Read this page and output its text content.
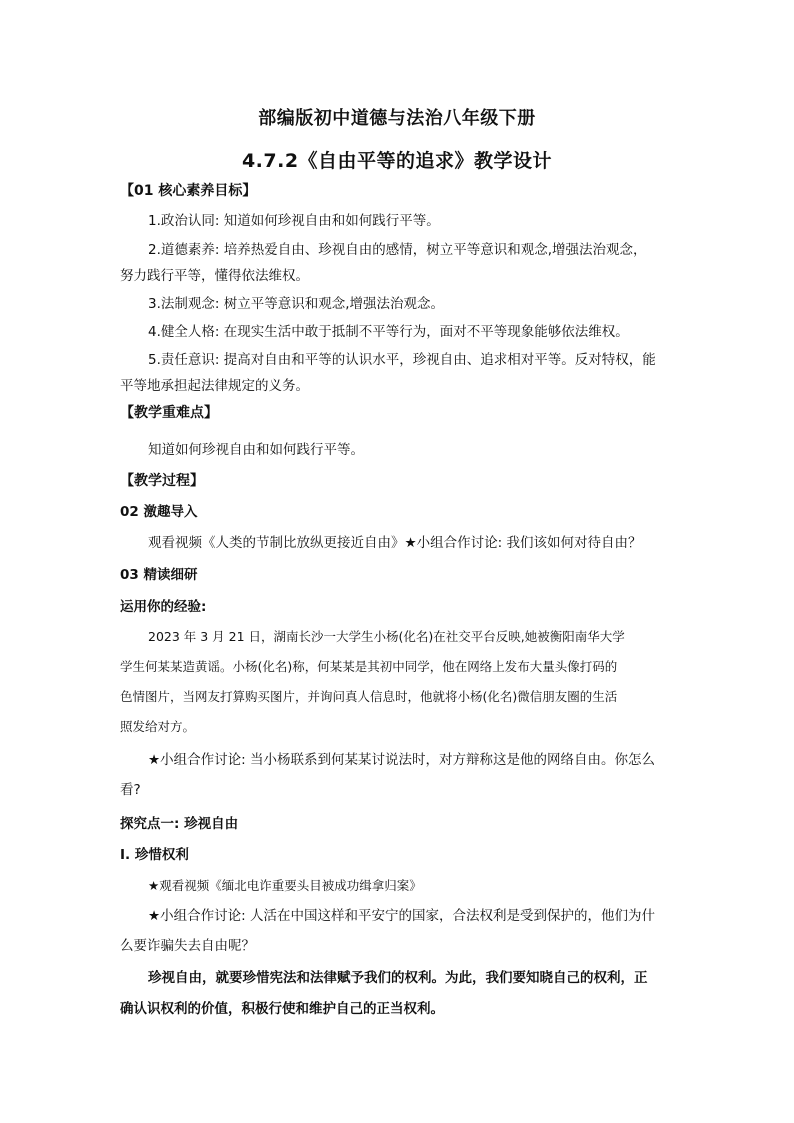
部编版初中道德与法治八年级下册
4.7.2《自由平等的追求》教学设计
【01 核心素养目标】
1.政治认同: 知道如何珍视自由和如何践行平等。
2.道德素养: 培养热爱自由、珍视自由的感情，树立平等意识和观念,增强法治观念，
努力践行平等，懂得依法维权。
3.法制观念: 树立平等意识和观念,增强法治观念。
4.健全人格: 在现实生活中敢于抵制不平等行为，面对不平等现象能够依法维权。
5.责任意识: 提高对自由和平等的认识水平，珍视自由、追求相对平等。反对特权，能
平等地承担起法律规定的义务。
【教学重难点】
知道如何珍视自由和如何践行平等。
【教学过程】
02 激趣导入
观看视频《人类的节制比放纵更接近自由》★小组合作讨论: 我们该如何对待自由？
03 精读细研
运用你的经验:
2023 年 3 月 21 日，湖南长沙一大学生小杨(化名)在社交平台反映,她被衡阳南华大学
学生何某某造黄谣。小杨(化名)称，何某某是其初中同学，他在网络上发布大量头像打码的
色情图片，当网友打算购买图片，并询问真人信息时，他就将小杨(化名)微信朋友圈的生活
照发给对方。
★小组合作讨论: 当小杨联系到何某某讨说法时，对方辩称这是他的网络自由。你怎么
看?
探究点一: 珍视自由
Ⅰ. 珍惜权利
★观看视频《缅北电诈重要头目被成功缉拿归案》
★小组合作讨论: 人活在中国这样和平安宁的国家，合法权利是受到保护的，他们为什
么要诈骗失去自由呢？
珍视自由，就要珍惜宪法和法律赋予我们的权利。为此，我们要知晓自己的权利，正
确认识权利的价值，积极行使和维护自己的正当权利。
